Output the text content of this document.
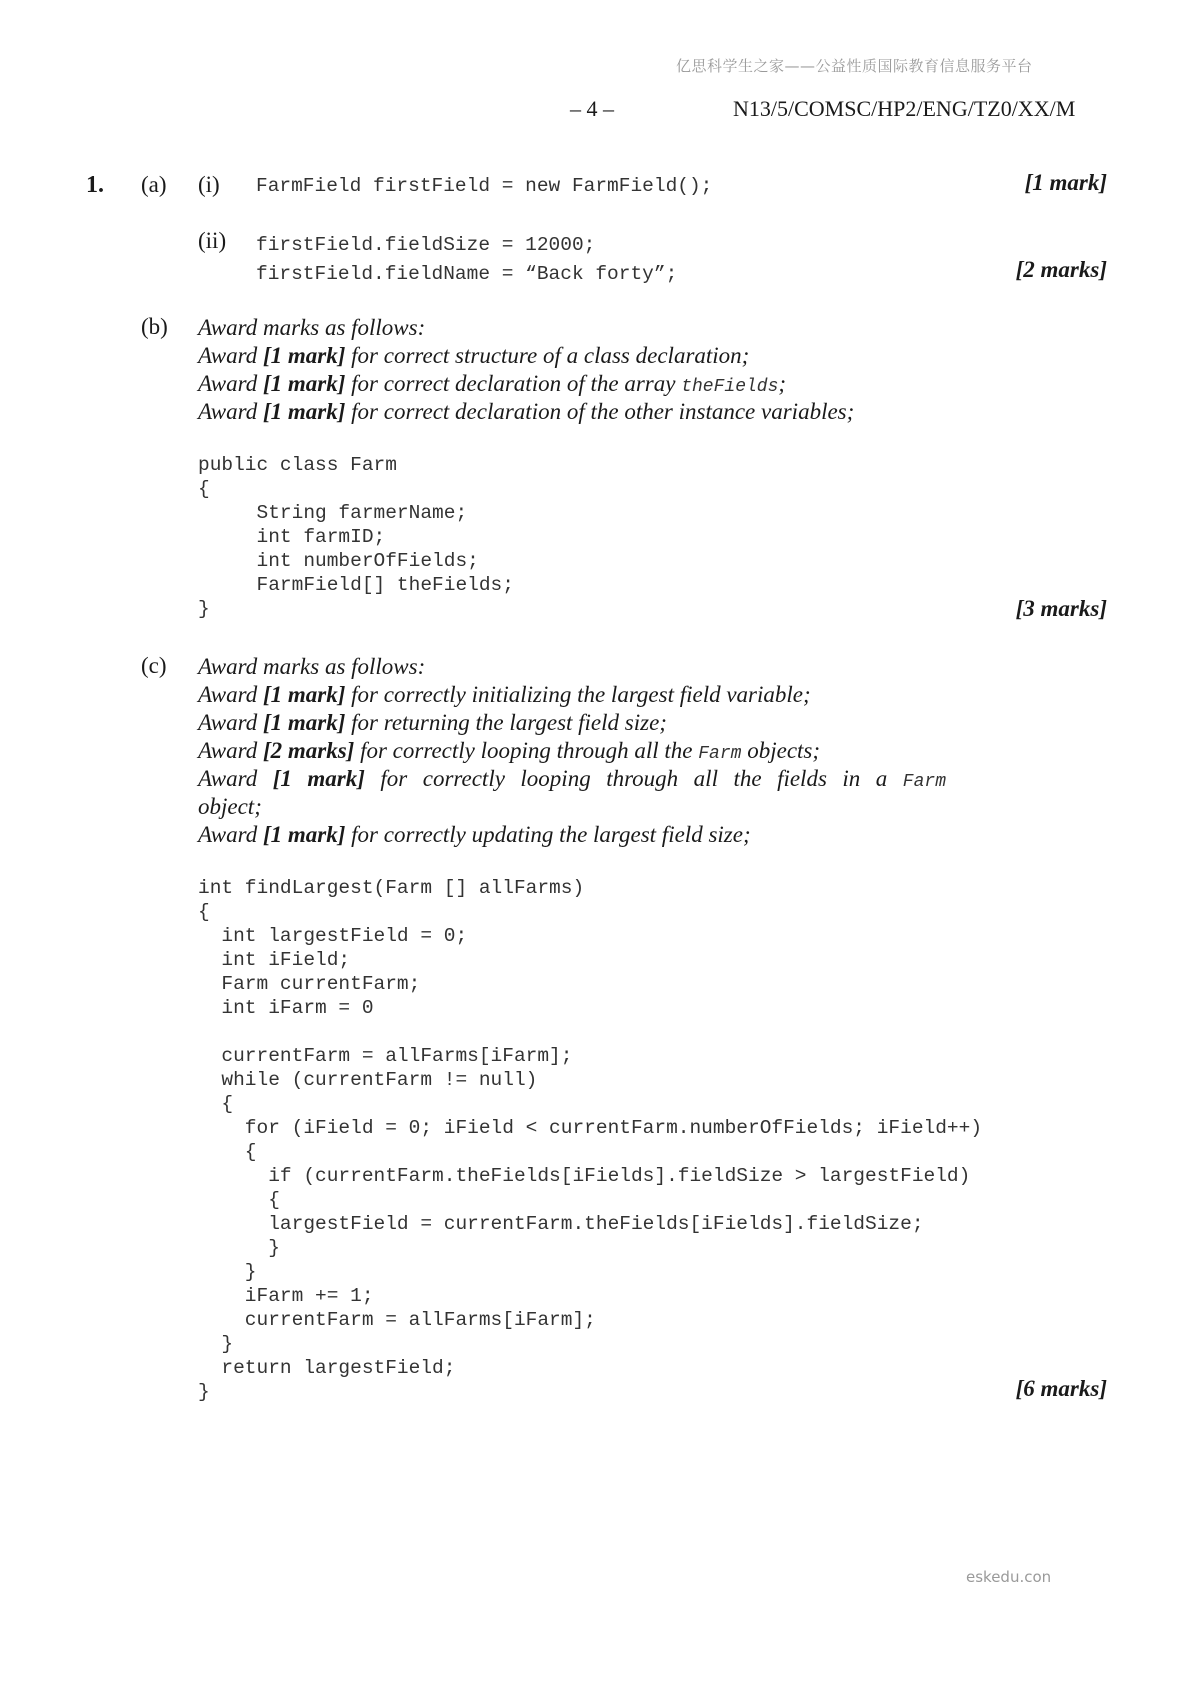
亿思科学生之家——公益性质国际教育信息服务平台
– 4 –	N13/5/COMSC/HP2/ENG/TZ0/XX/M
1. (a) (i) FarmField firstField = new FarmField();	[1 mark]
(ii) firstField.fieldSize = 12000;
firstField.fieldName = “Back forty”;	[2 marks]
(b) Award marks as follows:
Award [1 mark] for correct structure of a class declaration;
Award [1 mark] for correct declaration of the array theFields;
Award [1 mark] for correct declaration of the other instance variables;
public class Farm
{
String farmerName;
int farmID;
int numberOfFields;
FarmField[] theFields;
}	[3 marks]
(c) Award marks as follows:
Award [1 mark] for correctly initializing the largest field variable;
Award [1 mark] for returning the largest field size;
Award [2 marks] for correctly looping through all the Farm objects;
Award [1 mark] for correctly looping through all the fields in a Farm
object;
Award [1 mark] for correctly updating the largest field size;
int findLargest(Farm [] allFarms)
{
int largestField = 0;
int iField;
Farm currentFarm;
int iFarm = 0

currentFarm = allFarms[iFarm];
while (currentFarm != null)
{
for (iField = 0; iField < currentFarm.numberOfFields; iField++)
{
if (currentFarm.theFields[iFields].fieldSize > largestField)
{
largestField = currentFarm.theFields[iFields].fieldSize;
}
}
iFarm += 1;
currentFarm = allFarms[iFarm];
}
return largestField;
}	[6 marks]
eskedu.con
